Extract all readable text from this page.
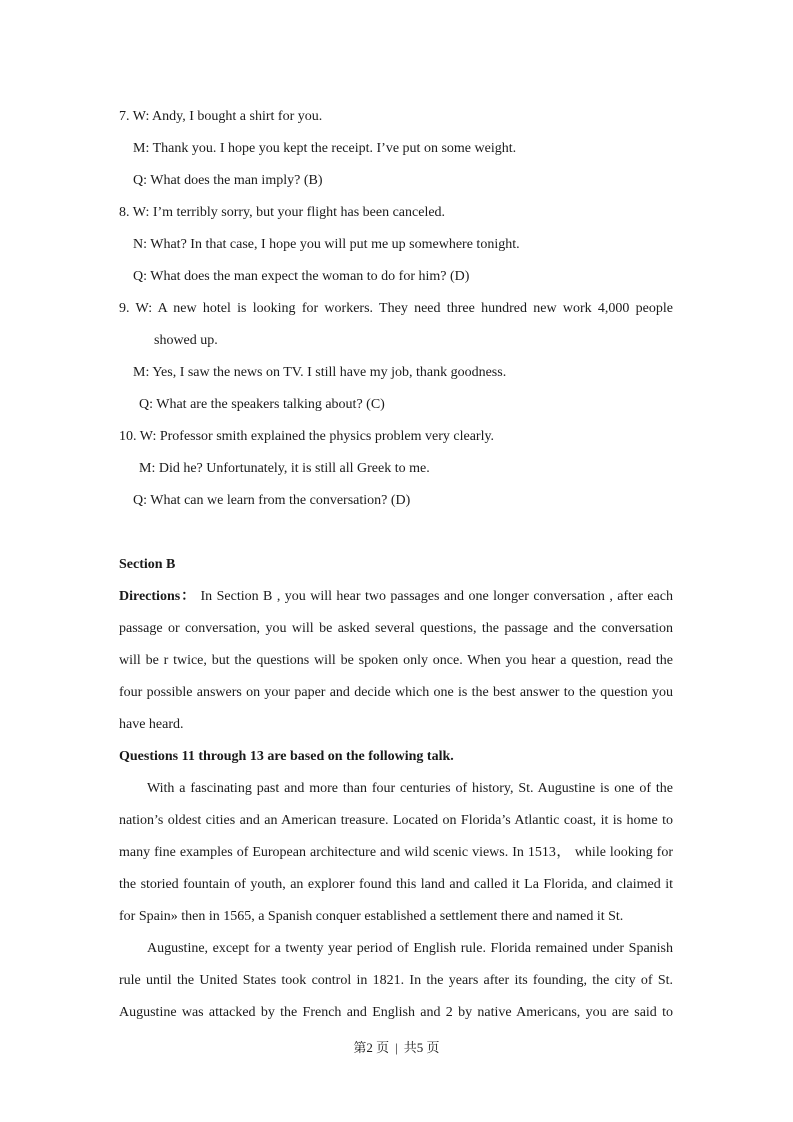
7. W: Andy, I bought a shirt for you.
M: Thank you. I hope you kept the receipt. I’ve put on some weight.
Q: What does the man imply? (B)
8. W: I’m terribly sorry, but your flight has been canceled.
N: What? In that case, I hope you will put me up somewhere tonight.
Q: What does the man expect the woman to do for him? (D)
9. W: A new hotel is looking for workers. They need three hundred new work 4,000 people
showed up.
M: Yes, I saw the news on TV. I still have my job, thank goodness.
Q: What are the speakers talking about? (C)
10. W: Professor smith explained the physics problem very clearly.
M: Did he? Unfortunately, it is still all Greek to me.
Q: What can we learn from the conversation? (D)
Section B
Directions： In Section B , you will hear two passages and one longer conversation , after each
passage or conversation, you will be asked several questions, the passage and the conversation
will be r twice, but the questions will be spoken only once. When you hear a question, read the
four possible answers on your paper and decide which one is the best answer to the question you
have heard.
Questions 11 through 13 are based on the following talk.
With a fascinating past and more than four centuries of history, St. Augustine is one of the
nation’s oldest cities and an American treasure. Located on Florida’s Atlantic coast, it is home to
many fine examples of European architecture and wild scenic views. In 1513， while looking for
the storied fountain of youth, an explorer found this land and called it La Florida, and claimed it
for Spain» then in 1565, a Spanish conquer established a settlement there and named it St.
Augustine, except for a twenty year period of English rule. Florida remained under Spanish
rule until the United States took control in 1821. In the years after its founding, the city of St.
Augustine was attacked by the French and English and 2 by native Americans, you are said to
第2 页 | 共5 页
